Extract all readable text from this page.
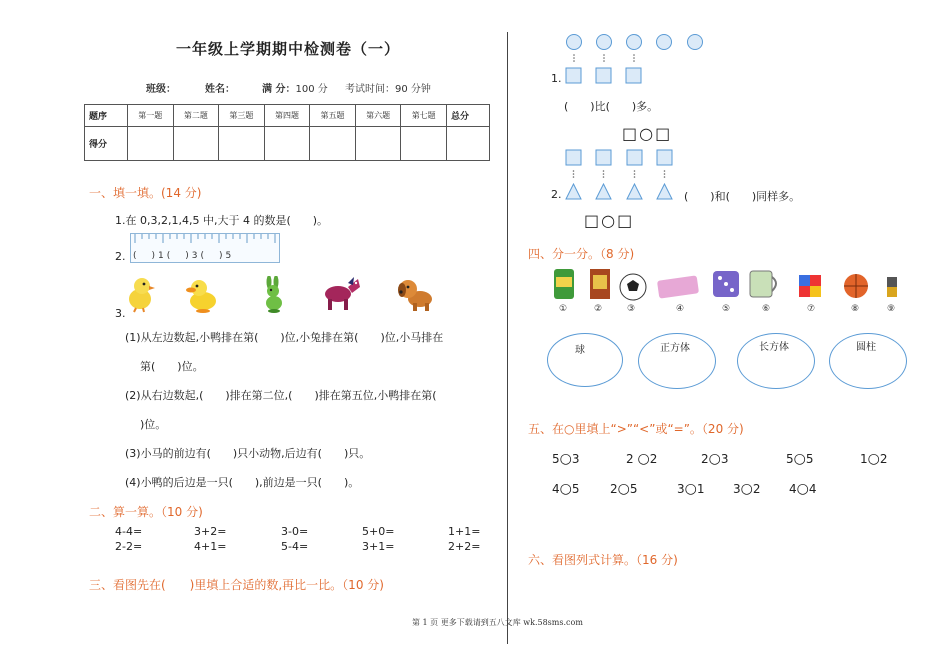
一年级上学期期中检测卷（一）
班级：	姓名：	满 分：100 分 考试时间：90 分钟
题序	第一题	第二题	第三题	第四题	第五题	第六题	第七题	总分
得分								
一、填一填。(14 分)
1.在 0,3,2,1,4,5 中,大于 4 的数是(　　)。
2. (　)1(　)3(　)5
3.
(1)从左边数起,小鸭排在第(　　)位,小兔排在第(　　)位,小马排在
第(　　)位。
(2)从右边数起,(　　)排在第二位,(　　)排在第五位,小鸭排在第(
)位。
(3)小马的前边有(　　)只小动物,后边有(　　)只。
(4)小鸭的后边是一只(　　),前边是一只(　　)。
二、算一算。（10 分)
4-4=	3+2=	3-0=	5+0=	1+1=
2-2=	4+1=	5-4=	3+1=	2+2=
三、看图先在(　　)里填上合适的数,再比一比。（10 分)
1.
(　　)比(　　)多。
□○□
2.	(　　)和(　　)同样多。
□○□
四、分一分。（8 分)
①	②	③	④	⑤	⑥	⑦	⑧	⑨
球	正方体	长方体	圆柱
五、在○里填上“>”“<”或“=”。（20 分)
5○3	2 ○2	2○3	5○5	1○2
4○5	2○5	3○1 3○2 4○4
六、看图列式计算。（16 分)
第 1 页 更多下载请到五八文库 wk.58sms.com
